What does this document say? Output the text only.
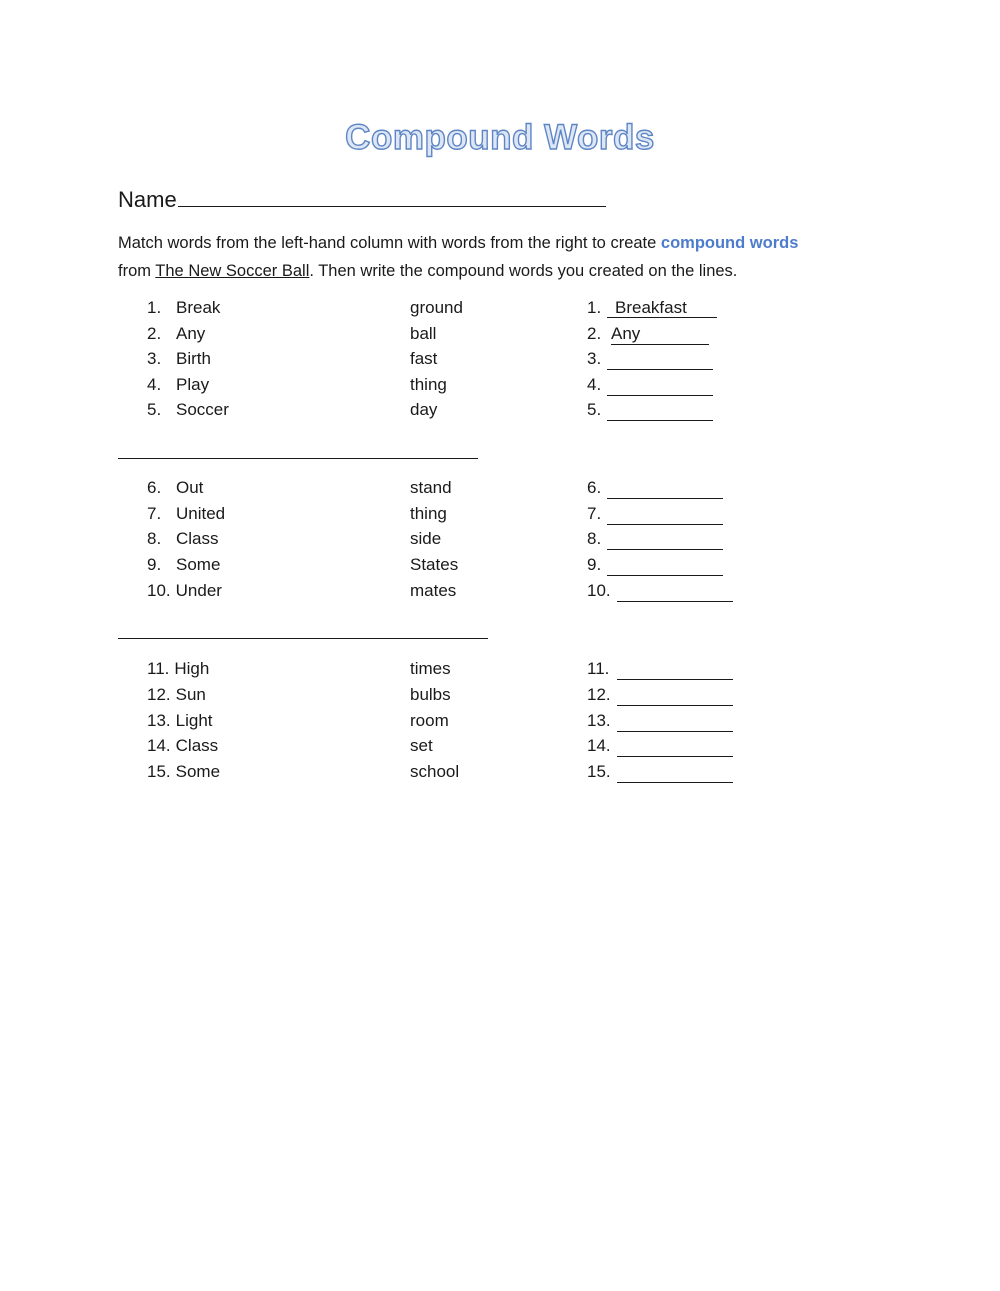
Compound Words
Name
Match words from the left-hand column with words from the right to create compound words
from The New Soccer Ball. Then write the compound words you created on the lines.
1. Break	ground	1. Breakfast
2. Any	ball	2. Any
3. Birth	fast	3.
4. Play	thing	4.
5. Soccer	day	5.
6. Out	stand	6.
7. United	thing	7.
8. Class	side	8.
9. Some	States	9.
10. Under	mates	10.
11. High	times	11.
12. Sun	bulbs	12.
13. Light	room	13.
14. Class	set	14.
15. Some	school	15.
